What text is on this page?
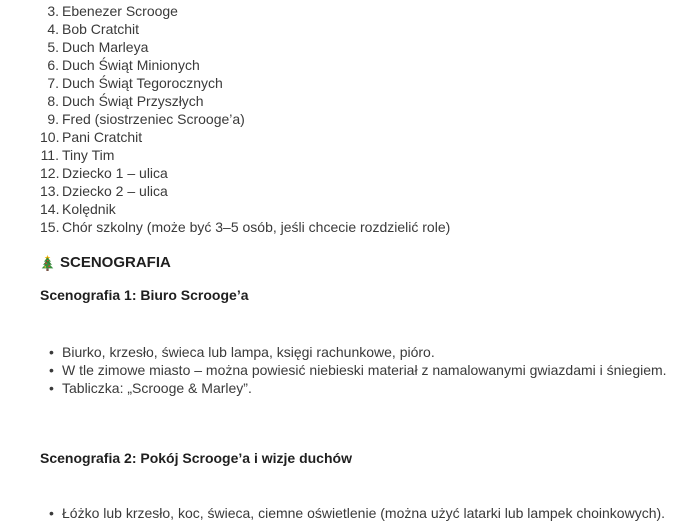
Ebenezer Scrooge
Bob Cratchit
Duch Marleya
Duch Świąt Minionych
Duch Świąt Tegorocznych
Duch Świąt Przyszłych
Fred (siostrzeniec Scrooge’a)
Pani Cratchit
Tiny Tim
Dziecko 1 – ulica
Dziecko 2 – ulica
Kolędnik
Chór szkolny (może być 3–5 osób, jeśli chcecie rozdzielić role)
SCENOGRAFIA
Scenografia 1: Biuro Scrooge’a
• Biurko, krzesło, świeca lub lampa, księgi rachunkowe, pióro.
• W tle zimowe miasto – można powiesić niebieski materiał z namalowanymi gwiazdami i śniegiem.
• Tabliczka: „Scrooge & Marley”.
Scenografia 2: Pokój Scrooge’a i wizje duchów
• Łóżko lub krzesło, koc, świeca, ciemne oświetlenie (można użyć latarki lub lampek choinkowych).
